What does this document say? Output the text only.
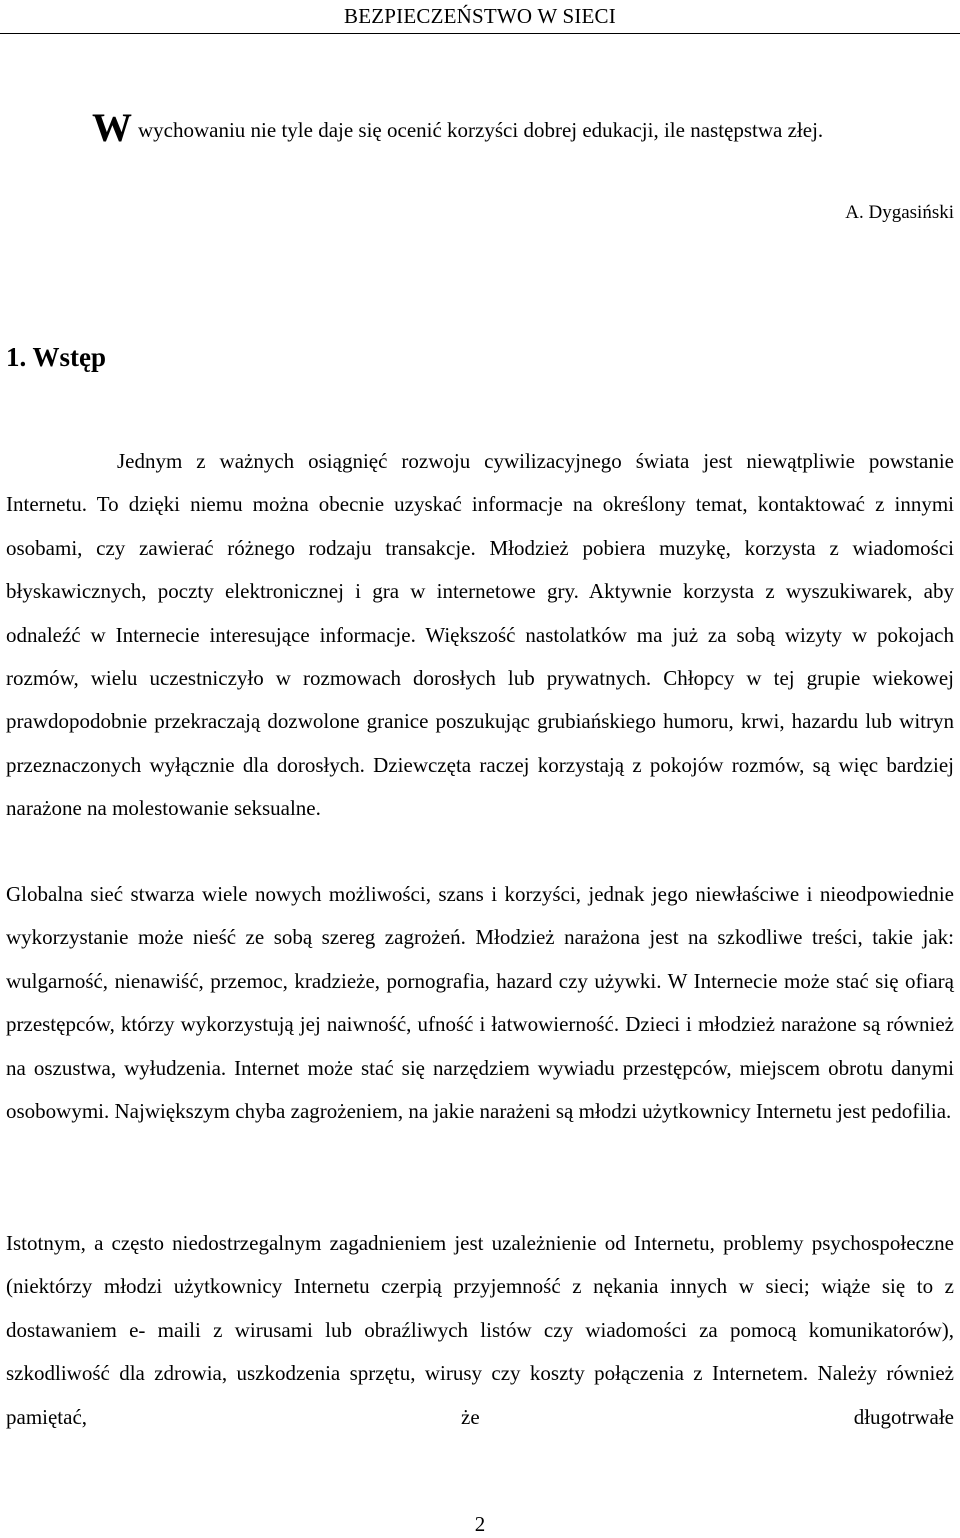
BEZPIECZEŃSTWO W SIECI
Wwychowaniu nie tyle daje się ocenić korzyści dobrej edukacji, ile następstwa złej.
A. Dygasiński
1. Wstęp

Jednym z ważnych osiągnięć rozwoju cywilizacyjnego świata jest niewątpliwie powstanie Internetu. To dzięki niemu można obecnie uzyskać informacje na określony temat, kontaktować z innymi osobami, czy zawierać różnego rodzaju transakcje. Młodzież pobiera muzykę, korzysta z wiadomości błyskawicznych, poczty elektronicznej i gra w internetowe gry. Aktywnie korzysta z wyszukiwarek, aby odnaleźć w Internecie interesujące informacje. Większość nastolatków ma już za sobą wizyty w pokojach rozmów, wielu uczestniczyło w rozmowach dorosłych lub prywatnych. Chłopcy w tej grupie wiekowej prawdopodobnie przekraczają dozwolone granice poszukując grubiańskiego humoru, krwi, hazardu lub witryn przeznaczonych wyłącznie dla dorosłych. Dziewczęta raczej korzystają z pokojów rozmów, są więc bardziej narażone na molestowanie seksualne.

Globalna sieć stwarza wiele nowych możliwości, szans i korzyści, jednak jego niewłaściwe i nieodpowiednie wykorzystanie może nieść ze sobą szereg zagrożeń. Młodzież narażona jest na szkodliwe treści, takie jak: wulgarność, nienawiść, przemoc, kradzieże, pornografia, hazard czy używki. W Internecie może stać się ofiarą przestępców, którzy wykorzystują jej naiwność, ufność i łatwowierność. Dzieci i młodzież narażone są również na oszustwa, wyłudzenia. Internet może stać się narzędziem wywiadu przestępców, miejscem obrotu danymi osobowymi. Największym chyba zagrożeniem, na jakie narażeni są młodzi użytkownicy Internetu jest pedofilia.

Istotnym, a często niedostrzegalnym zagadnieniem jest uzależnienie od Internetu, problemy psychospołeczne (niektórzy młodzi użytkownicy Internetu czerpią przyjemność z nękania innych w sieci; wiąże się to z dostawaniem e- maili z wirusami lub obraźliwych listów czy wiadomości za pomocą komunikatorów), szkodliwość dla zdrowia, uszkodzenia sprzętu, wirusy czy koszty połączenia z Internetem. Należy również pamiętać, że długotrwałe

2
